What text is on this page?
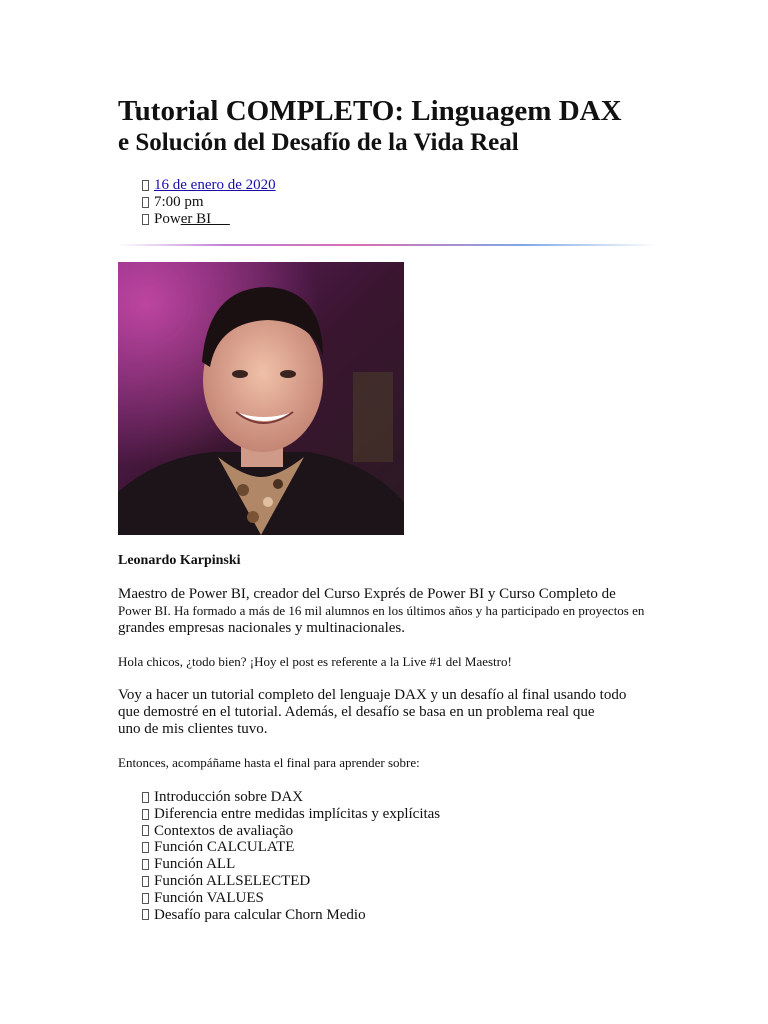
Tutorial COMPLETO: Linguagem DAX
e Solución del Desafío de la Vida Real
16 de enero de 2020
7:00 pm
Pow er BI
Leonardo Karpinski
Maestro de Power BI, creador del Curso Exprés de Power BI y Curso Completo de
Power BI. Ha formado a más de 16 mil alumnos en los últimos años y ha participado en proyectos en
grandes empresas nacionales y multinacionales.
Hola chicos, ¿todo bien? ¡Hoy el post es referente a la Live #1 del Maestro!
Voy a hacer un tutorial completo del lenguaje DAX y un desafío al final usando todo
que demostré en el tutorial. Además, el desafío se basa en un problema real que
uno de mis clientes tuvo.
Entonces, acompáñame hasta el final para aprender sobre:
Introducción sobre DAX
Diferencia entre medidas implícitas y explícitas
Contextos de avaliação
Función CALCULATE
Función ALL
Función ALLSELECTED
Función VALUES
Desafío para calcular Chorn Medio
